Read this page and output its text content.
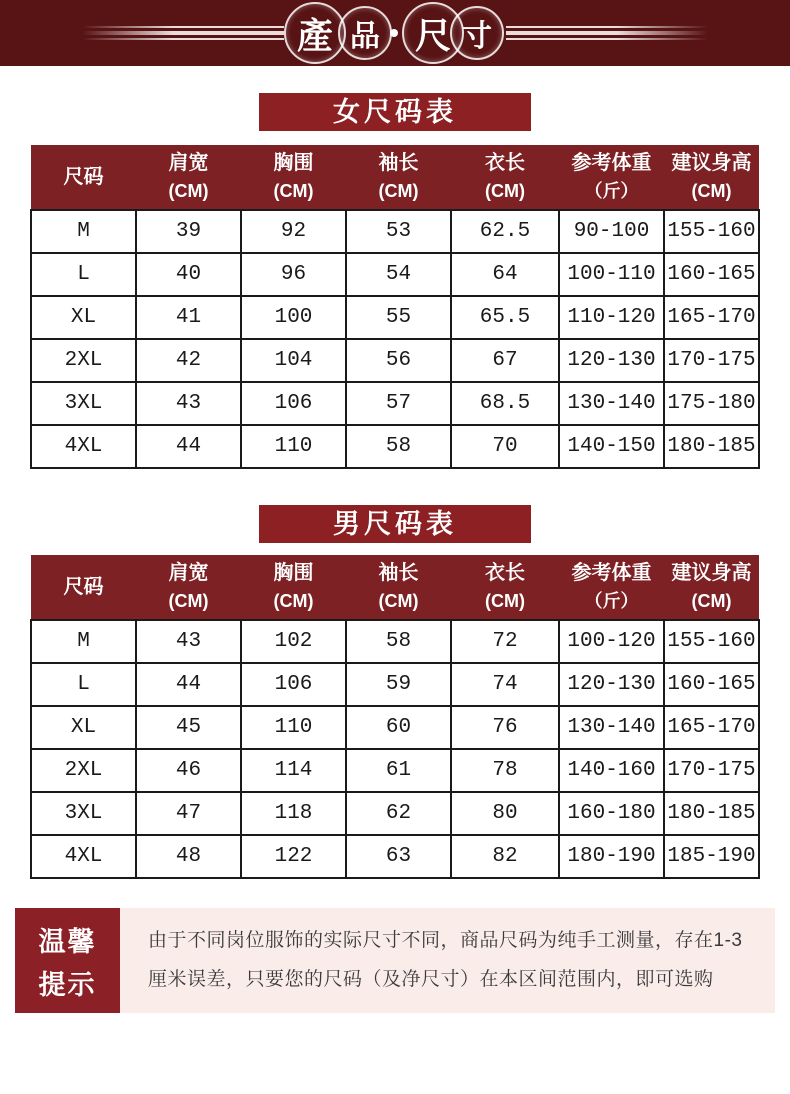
產 品 尺 寸
女尺码表
尺码

肩宽
(CM)

胸围
(CM)

袖长
(CM)

衣长
(CM)

参考体重
（斤）

建议身高
(CM)

M	39	92	53	62.5	90-100	155-160
L	40	96	54	64	100-110	160-165
XL	41	100	55	65.5	110-120	165-170
2XL	42	104	56	67	120-130	170-175
3XL	43	106	57	68.5	130-140	175-180
4XL	44	110	58	70	140-150	180-185
男尺码表
尺码

肩宽
(CM)

胸围
(CM)

袖长
(CM)

衣长
(CM)

参考体重
（斤）

建议身高
(CM)

M	43	102	58	72	100-120	155-160
L	44	106	59	74	120-130	160-165
XL	45	110	60	76	130-140	165-170
2XL	46	114	61	78	140-160	170-175
3XL	47	118	62	80	160-180	180-185
4XL	48	122	63	82	180-190	185-190
温馨
提示
由于不同岗位服饰的实际尺寸不同，商品尺码为纯手工测量，存在1-3厘米误差，只要您的尺码（及净尺寸）在本区间范围内，即可选购
